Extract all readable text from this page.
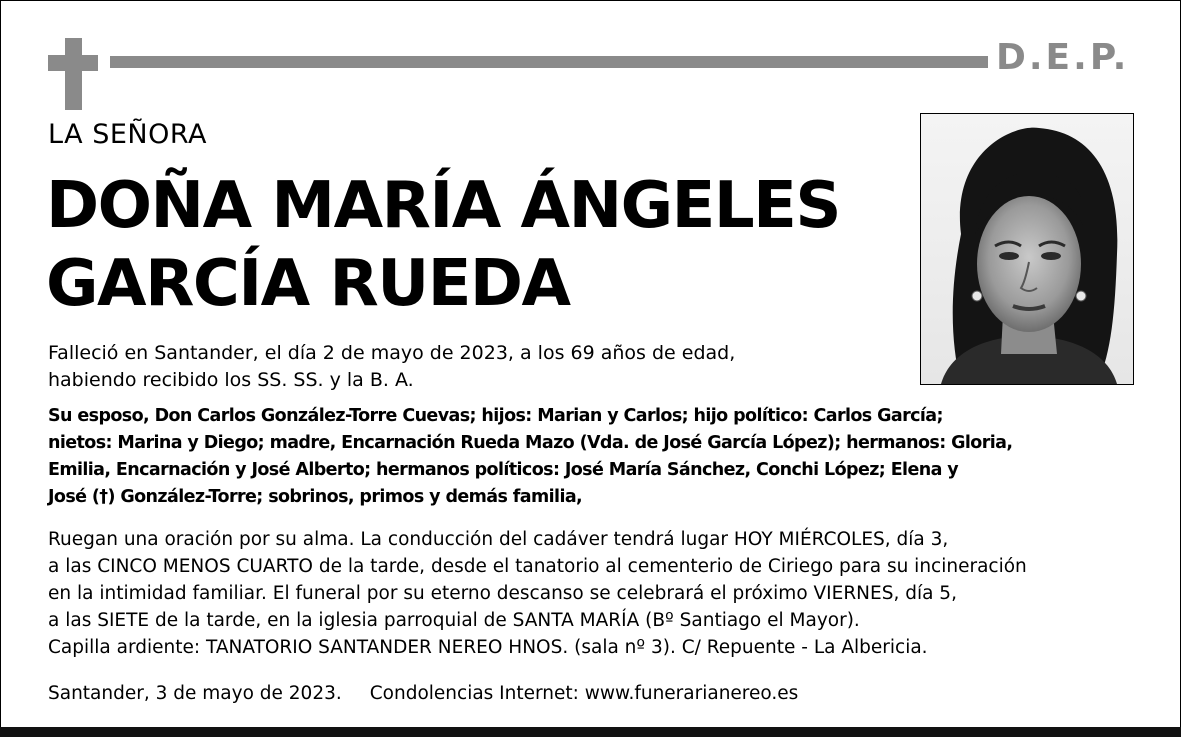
D.E.P.
LA SEÑORA
DOÑA MARÍA ÁNGELES
GARCÍA RUEDA
Falleció en Santander, el día 2 de mayo de 2023, a los 69 años de edad,
habiendo recibido los SS. SS. y la B. A.
Su esposo, Don Carlos González-Torre Cuevas; hijos: Marian y Carlos; hijo político: Carlos García;
nietos: Marina y Diego; madre, Encarnación Rueda Mazo (Vda. de José García López); hermanos: Gloria,
Emilia, Encarnación y José Alberto; hermanos políticos: José María Sánchez, Conchi López; Elena y
José (†) González-Torre; sobrinos, primos y demás familia,
Ruegan una oración por su alma. La conducción del cadáver tendrá lugar HOY MIÉRCOLES, día 3,
a las CINCO MENOS CUARTO de la tarde, desde el tanatorio al cementerio de Ciriego para su incineración
en la intimidad familiar. El funeral por su eterno descanso se celebrará el próximo VIERNES, día 5,
a las SIETE de la tarde, en la iglesia parroquial de SANTA MARÍA (Bº Santiago el Mayor).
Capilla ardiente: TANATORIO SANTANDER NEREO HNOS. (sala nº 3). C/ Repuente - La Albericia.
Santander, 3 de mayo de 2023. Condolencias Internet: www.funerarianereo.es
